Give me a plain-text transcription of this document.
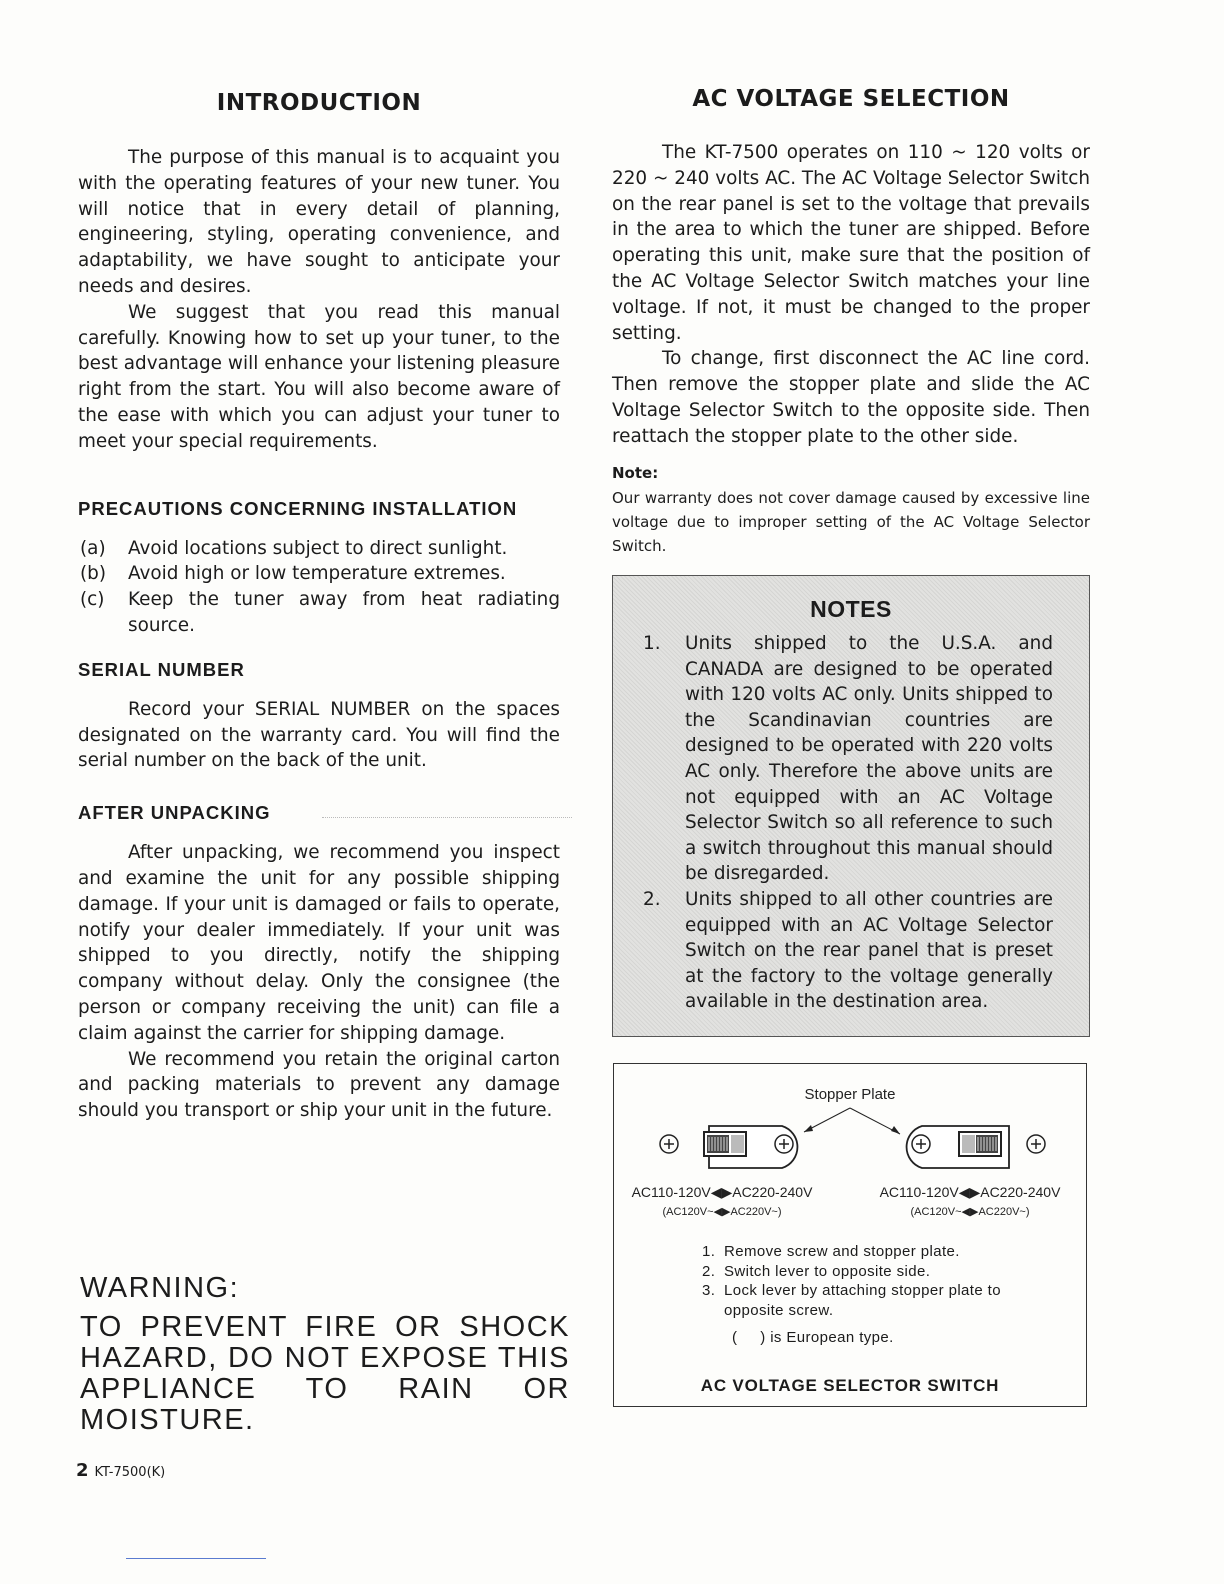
INTRODUCTION

The purpose of this manual is to acquaint you with the operating features of your new tuner. You will notice that in every detail of planning, engineering, styling, operating convenience, and adaptability, we have sought to anticipate your needs and desires.

We suggest that you read this manual carefully. Knowing how to set up your tuner, to the best advantage will enhance your listening pleasure right from the start. You will also become aware of the ease with which you can adjust your tuner to meet your special requirements.

PRECAUTIONS CONCERNING INSTALLATION
(a) Avoid locations subject to direct sunlight.
(b) Avoid high or low temperature extremes.
(c) Keep the tuner away from heat radiating source.
SERIAL NUMBER

Record your SERIAL NUMBER on the spaces designated on the warranty card. You will find the serial number on the back of the unit.

AFTER UNPACKING

After unpacking, we recommend you inspect and examine the unit for any possible shipping damage. If your unit is damaged or fails to operate, notify your dealer immediately. If your unit was shipped to you directly, notify the shipping company without delay. Only the consignee (the person or company receiving the unit) can file a claim against the carrier for shipping damage.

We recommend you retain the original carton and packing materials to prevent any damage should you transport or ship your unit in the future.

WARNING:
TO PREVENT FIRE OR SHOCK HAZARD, DO NOT EXPOSE THIS APPLIANCE TO RAIN OR MOISTURE.
2 KT-7500(K)
AC VOLTAGE SELECTION

The KT-7500 operates on 110 ~ 120 volts or 220 ~ 240 volts AC. The AC Voltage Selector Switch on the rear panel is set to the voltage that prevails in the area to which the tuner are shipped. Before operating this unit, make sure that the position of the AC Voltage Selector Switch matches your line voltage. If not, it must be changed to the proper setting.

To change, first disconnect the AC line cord. Then remove the stopper plate and slide the AC Voltage Selector Switch to the opposite side. Then reattach the stopper plate to the other side.

Note:
Our warranty does not cover damage caused by excessive line voltage due to improper setting of the AC Voltage Selector Switch.
NOTES
1. Units shipped to the U.S.A. and CANADA are designed to be operated with 120 volts AC only. Units shipped to the Scandinavian countries are designed to be operated with 220 volts AC only. Therefore the above units are not equipped with an AC Voltage Selector Switch so all reference to such a switch throughout this manual should be disregarded.
2. Units shipped to all other countries are equipped with an AC Voltage Selector Switch on the rear panel that is preset at the factory to the voltage generally available in the destination area.
Stopper Plate
AC110-120V◀▶AC220-240V
(AC120V~◀▶AC220V~)
AC110-120V◀▶AC220-240V
(AC120V~◀▶AC220V~)
1. Remove screw and stopper plate.
2. Switch lever to opposite side.
3. Lock lever by attaching stopper plate to opposite screw.
(     ) is European type.
AC VOLTAGE SELECTOR SWITCH
